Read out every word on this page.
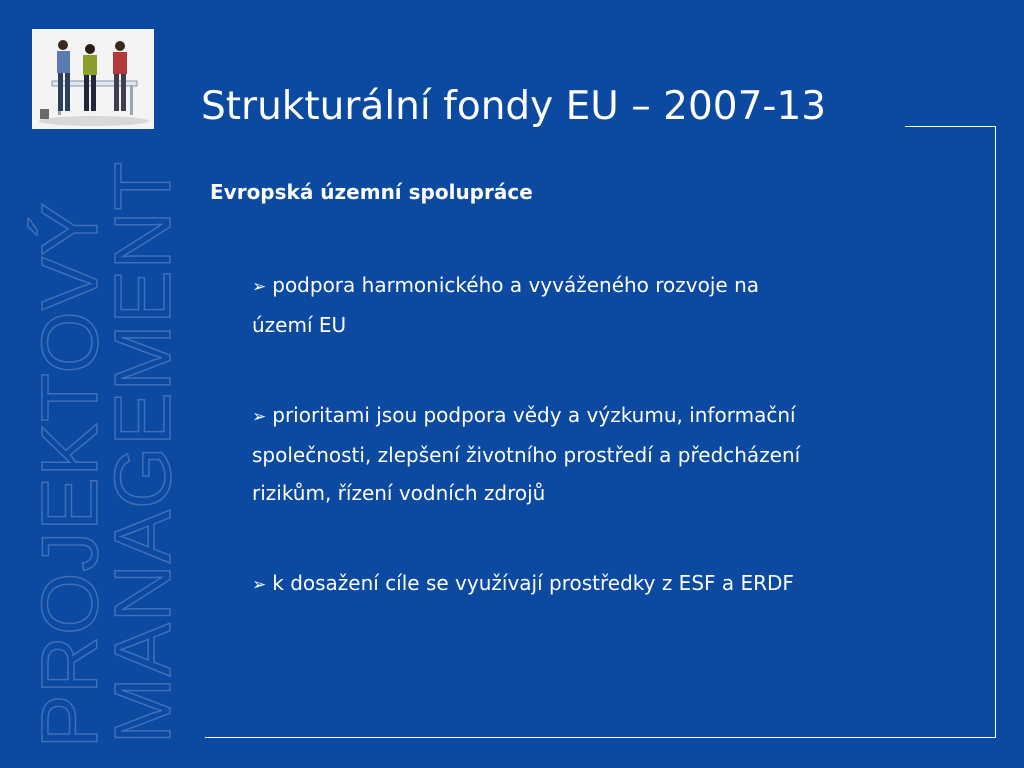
PROJEKTOVÝ
MANAGEMENT
Strukturální fondy EU – 2007-13
Evropská územní spolupráce
➢ podpora harmonického a vyváženého rozvoje na
území EU
➢ prioritami jsou podpora vědy a výzkumu, informační
společnosti, zlepšení životního prostředí a předcházení
rizikům, řízení vodních zdrojů
➢ k dosažení cíle se využívají prostředky z ESF a ERDF
